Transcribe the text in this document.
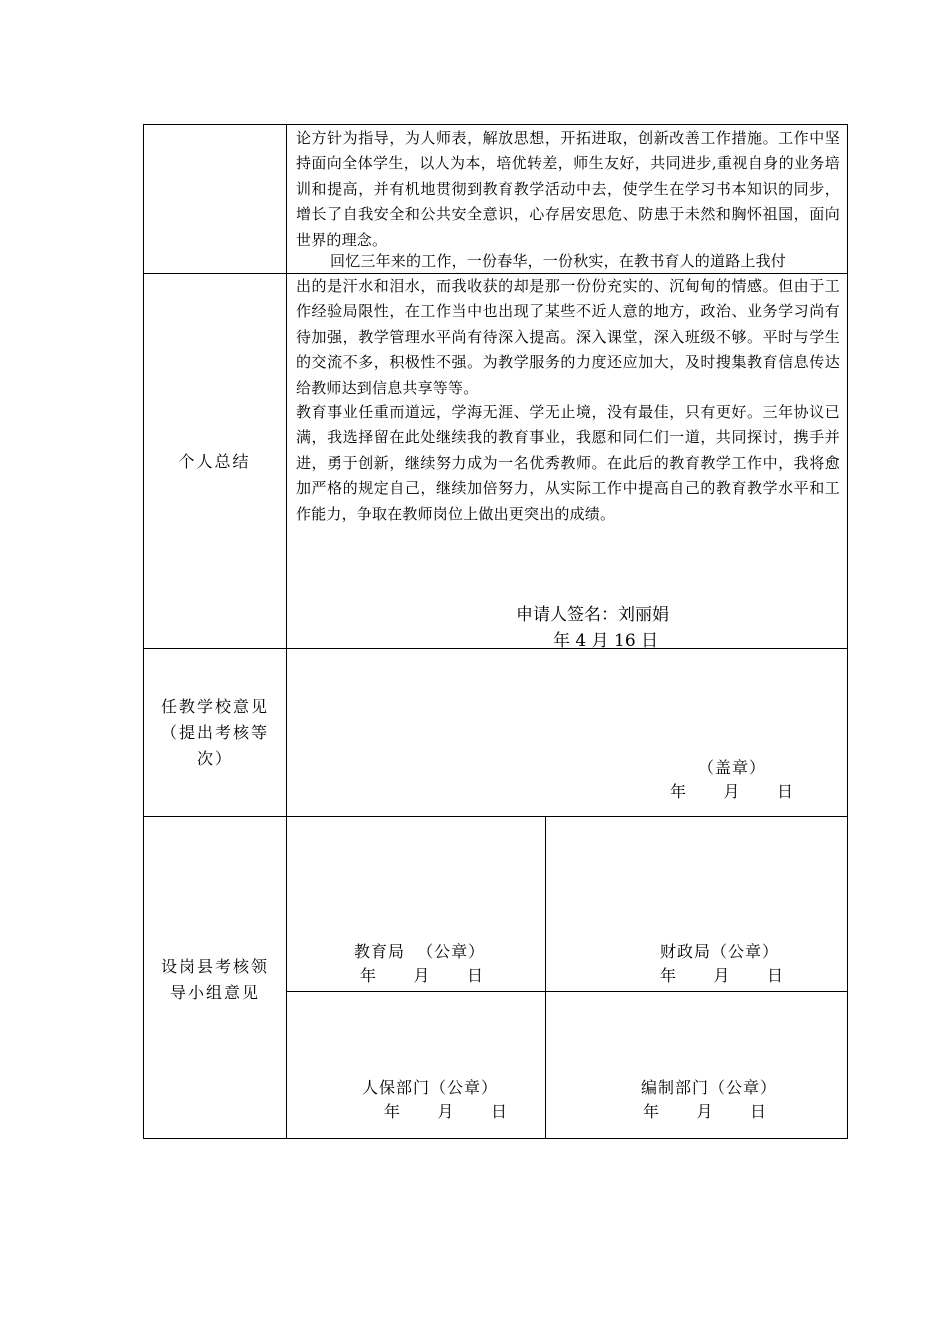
论方针为指导，为人师表，解放思想，开拓进取，创新改善工作措施。工作中坚持面向全体学生，以人为本，培优转差，师生友好，共同进步,重视自身的业务培训和提高，并有机地贯彻到教育教学活动中去，使学生在学习书本知识的同步，增长了自我安全和公共安全意识，心存居安思危、防患于未然和胸怀祖国，面向世界的理念。
回忆三年来的工作，一份春华，一份秋实，在教书育人的道路上我付
个人总结
出的是汗水和泪水，而我收获的却是那一份份充实的、沉甸甸的情感。但由于工作经验局限性，在工作当中也出现了某些不近人意的地方，政治、业务学习尚有待加强，教学管理水平尚有待深入提高。深入课堂，深入班级不够。平时与学生的交流不多，积极性不强。为教学服务的力度还应加大，及时搜集教育信息传达给教师达到信息共享等等。
教育事业任重而道远，学海无涯、学无止境，没有最佳，只有更好。三年协议已满，我选择留在此处继续我的教育事业，我愿和同仁们一道，共同探讨，携手并进，勇于创新，继续努力成为一名优秀教师。在此后的教育教学工作中，我将愈加严格的规定自己，继续加倍努力，从实际工作中提高自己的教育教学水平和工作能力，争取在教师岗位上做出更突出的成绩。
申请人签名：刘丽娟
年 4 月 16 日
任教学校意见（提出考核等次）	（盖章）
年      月      日
设岗县考核领导小组意见
教育局  （公章）
年      月      日
财政局（公章）
年      月      日
人保部门（公章）
年      月      日
编制部门（公章）
年      月      日
